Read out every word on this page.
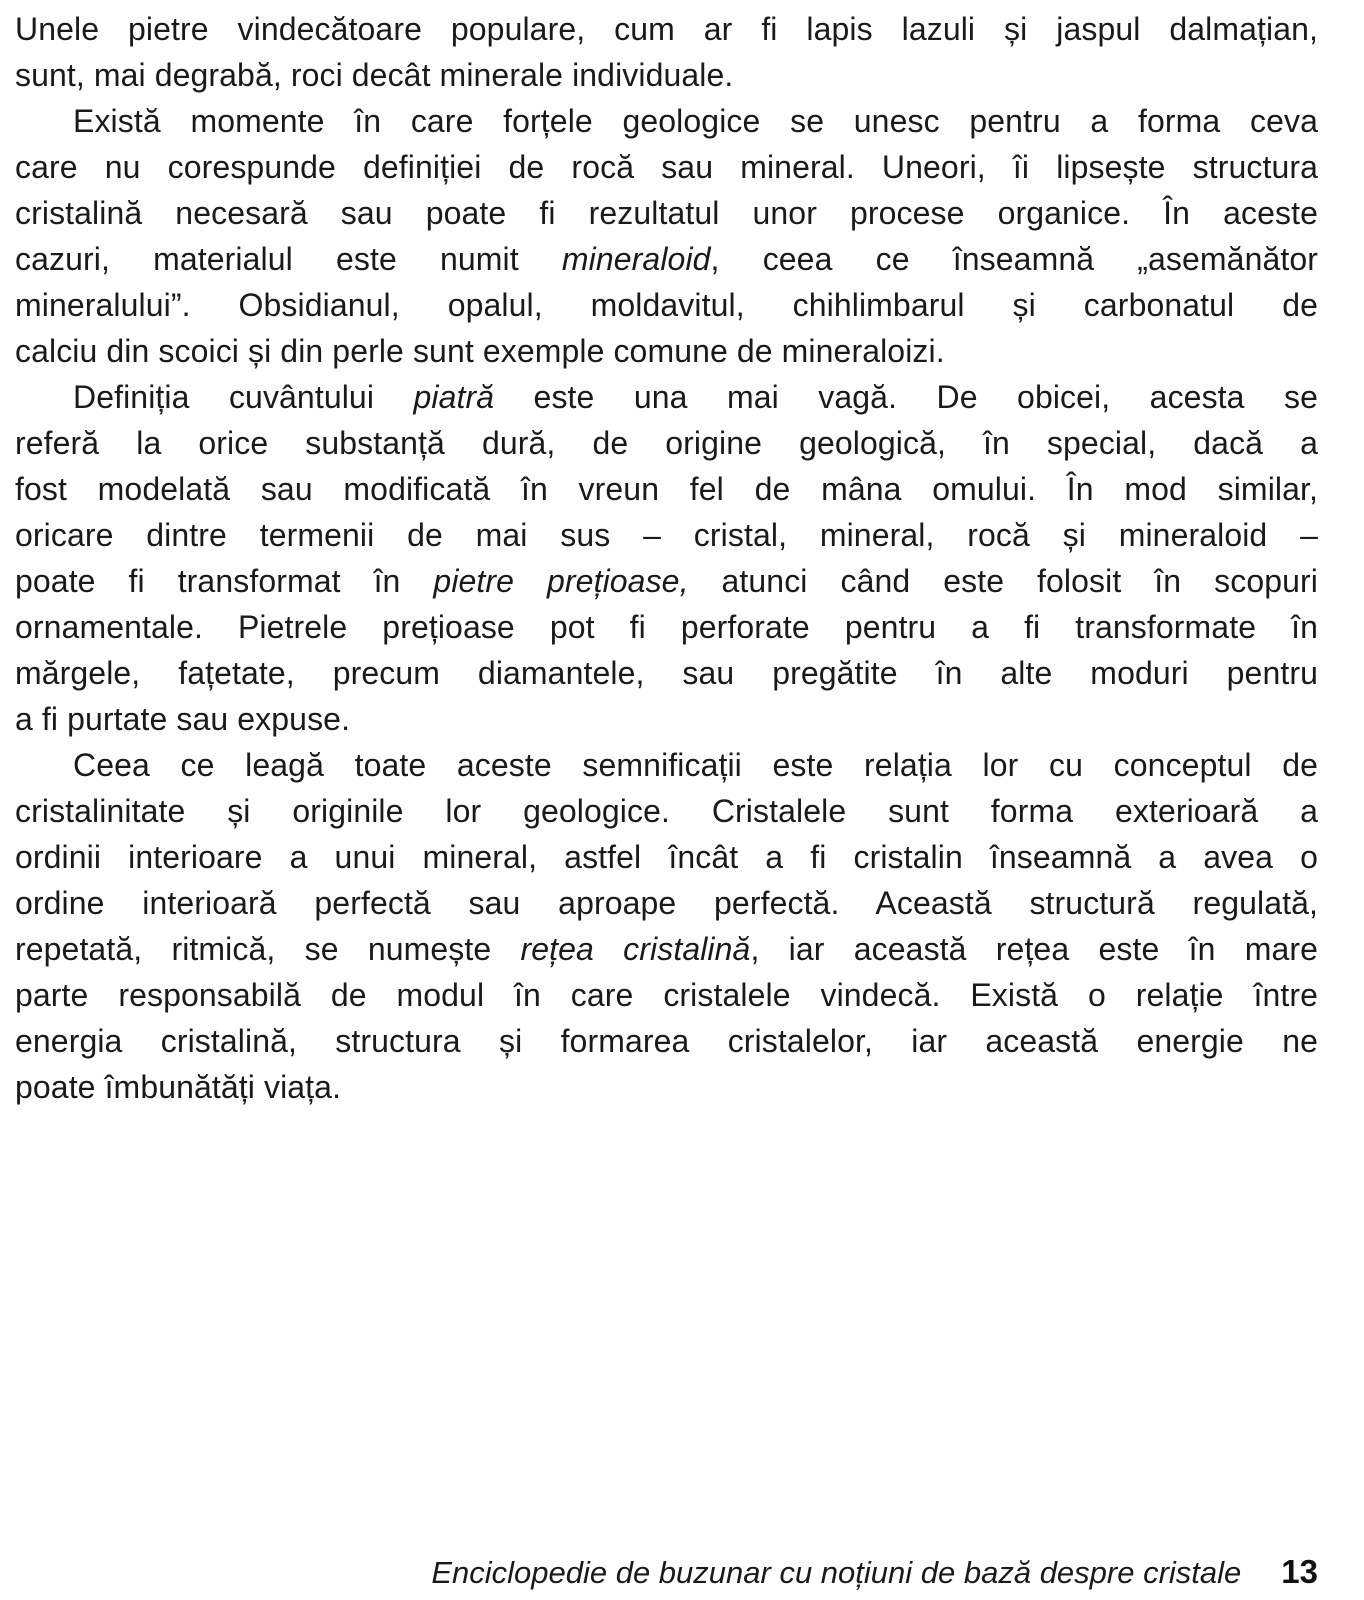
Unele pietre vindecătoare populare, cum ar fi lapis lazuli și jaspul dalmațian,
sunt, mai degrabă, roci decât minerale individuale.
Există momente în care forțele geologice se unesc pentru a forma ceva
care nu corespunde definiției de rocă sau mineral. Uneori, îi lipsește structura
cristalină necesară sau poate fi rezultatul unor procese organice. În aceste
cazuri, materialul este numit mineraloid, ceea ce înseamnă „asemănător
mineralului”. Obsidianul, opalul, moldavitul, chihlimbarul și carbonatul de
calciu din scoici și din perle sunt exemple comune de mineraloizi.
Definiția cuvântului piatră este una mai vagă. De obicei, acesta se
referă la orice substanță dură, de origine geologică, în special, dacă a
fost modelată sau modificată în vreun fel de mâna omului. În mod similar,
oricare dintre termenii de mai sus – cristal, mineral, rocă și mineraloid –
poate fi transformat în pietre prețioase, atunci când este folosit în scopuri
ornamentale. Pietrele prețioase pot fi perforate pentru a fi transformate în
mărgele, fațetate, precum diamantele, sau pregătite în alte moduri pentru
a fi purtate sau expuse.
Ceea ce leagă toate aceste semnificații este relația lor cu conceptul de
cristalinitate și originile lor geologice. Cristalele sunt forma exterioară a
ordinii interioare a unui mineral, astfel încât a fi cristalin înseamnă a avea o
ordine interioară perfectă sau aproape perfectă. Această structură regulată,
repetată, ritmică, se numește rețea cristalină, iar această rețea este în mare
parte responsabilă de modul în care cristalele vindecă. Există o relație între
energia cristalină, structura și formarea cristalelor, iar această energie ne
poate îmbunătăți viața.
Enciclopedie de buzunar cu noțiuni de bază despre cristale 13
